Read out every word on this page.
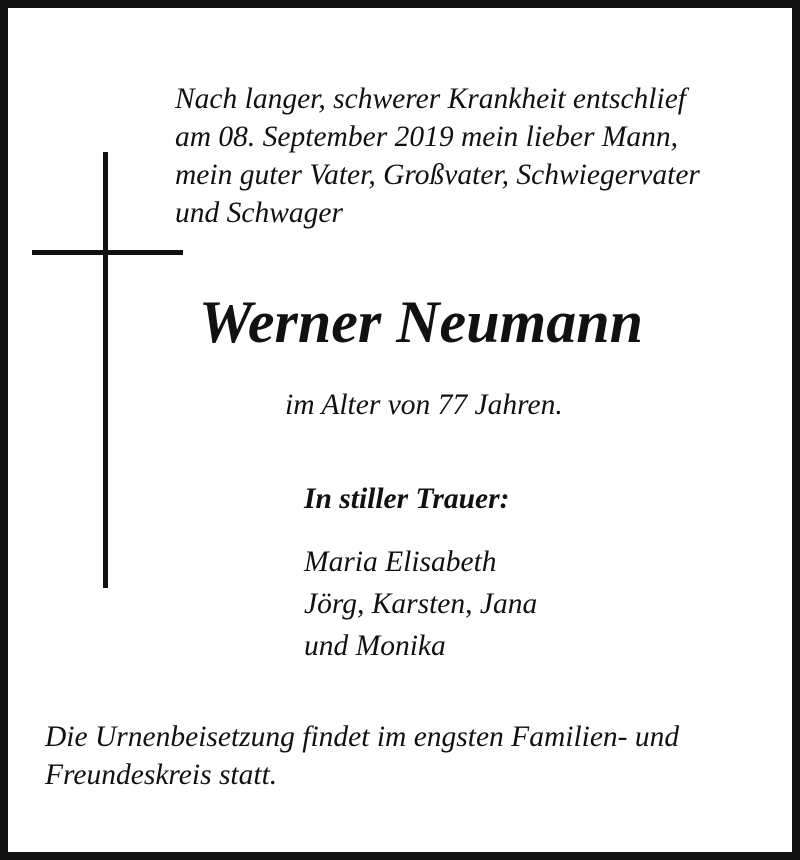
Nach langer, schwerer Krankheit entschlief
am 08. September 2019 mein lieber Mann,
mein guter Vater, Großvater, Schwiegervater
und Schwager
Werner Neumann
im Alter von 77 Jahren.
In stiller Trauer:
Maria Elisabeth
Jörg, Karsten, Jana
und Monika
Die Urnenbeisetzung findet im engsten Familien- und
Freundeskreis statt.
